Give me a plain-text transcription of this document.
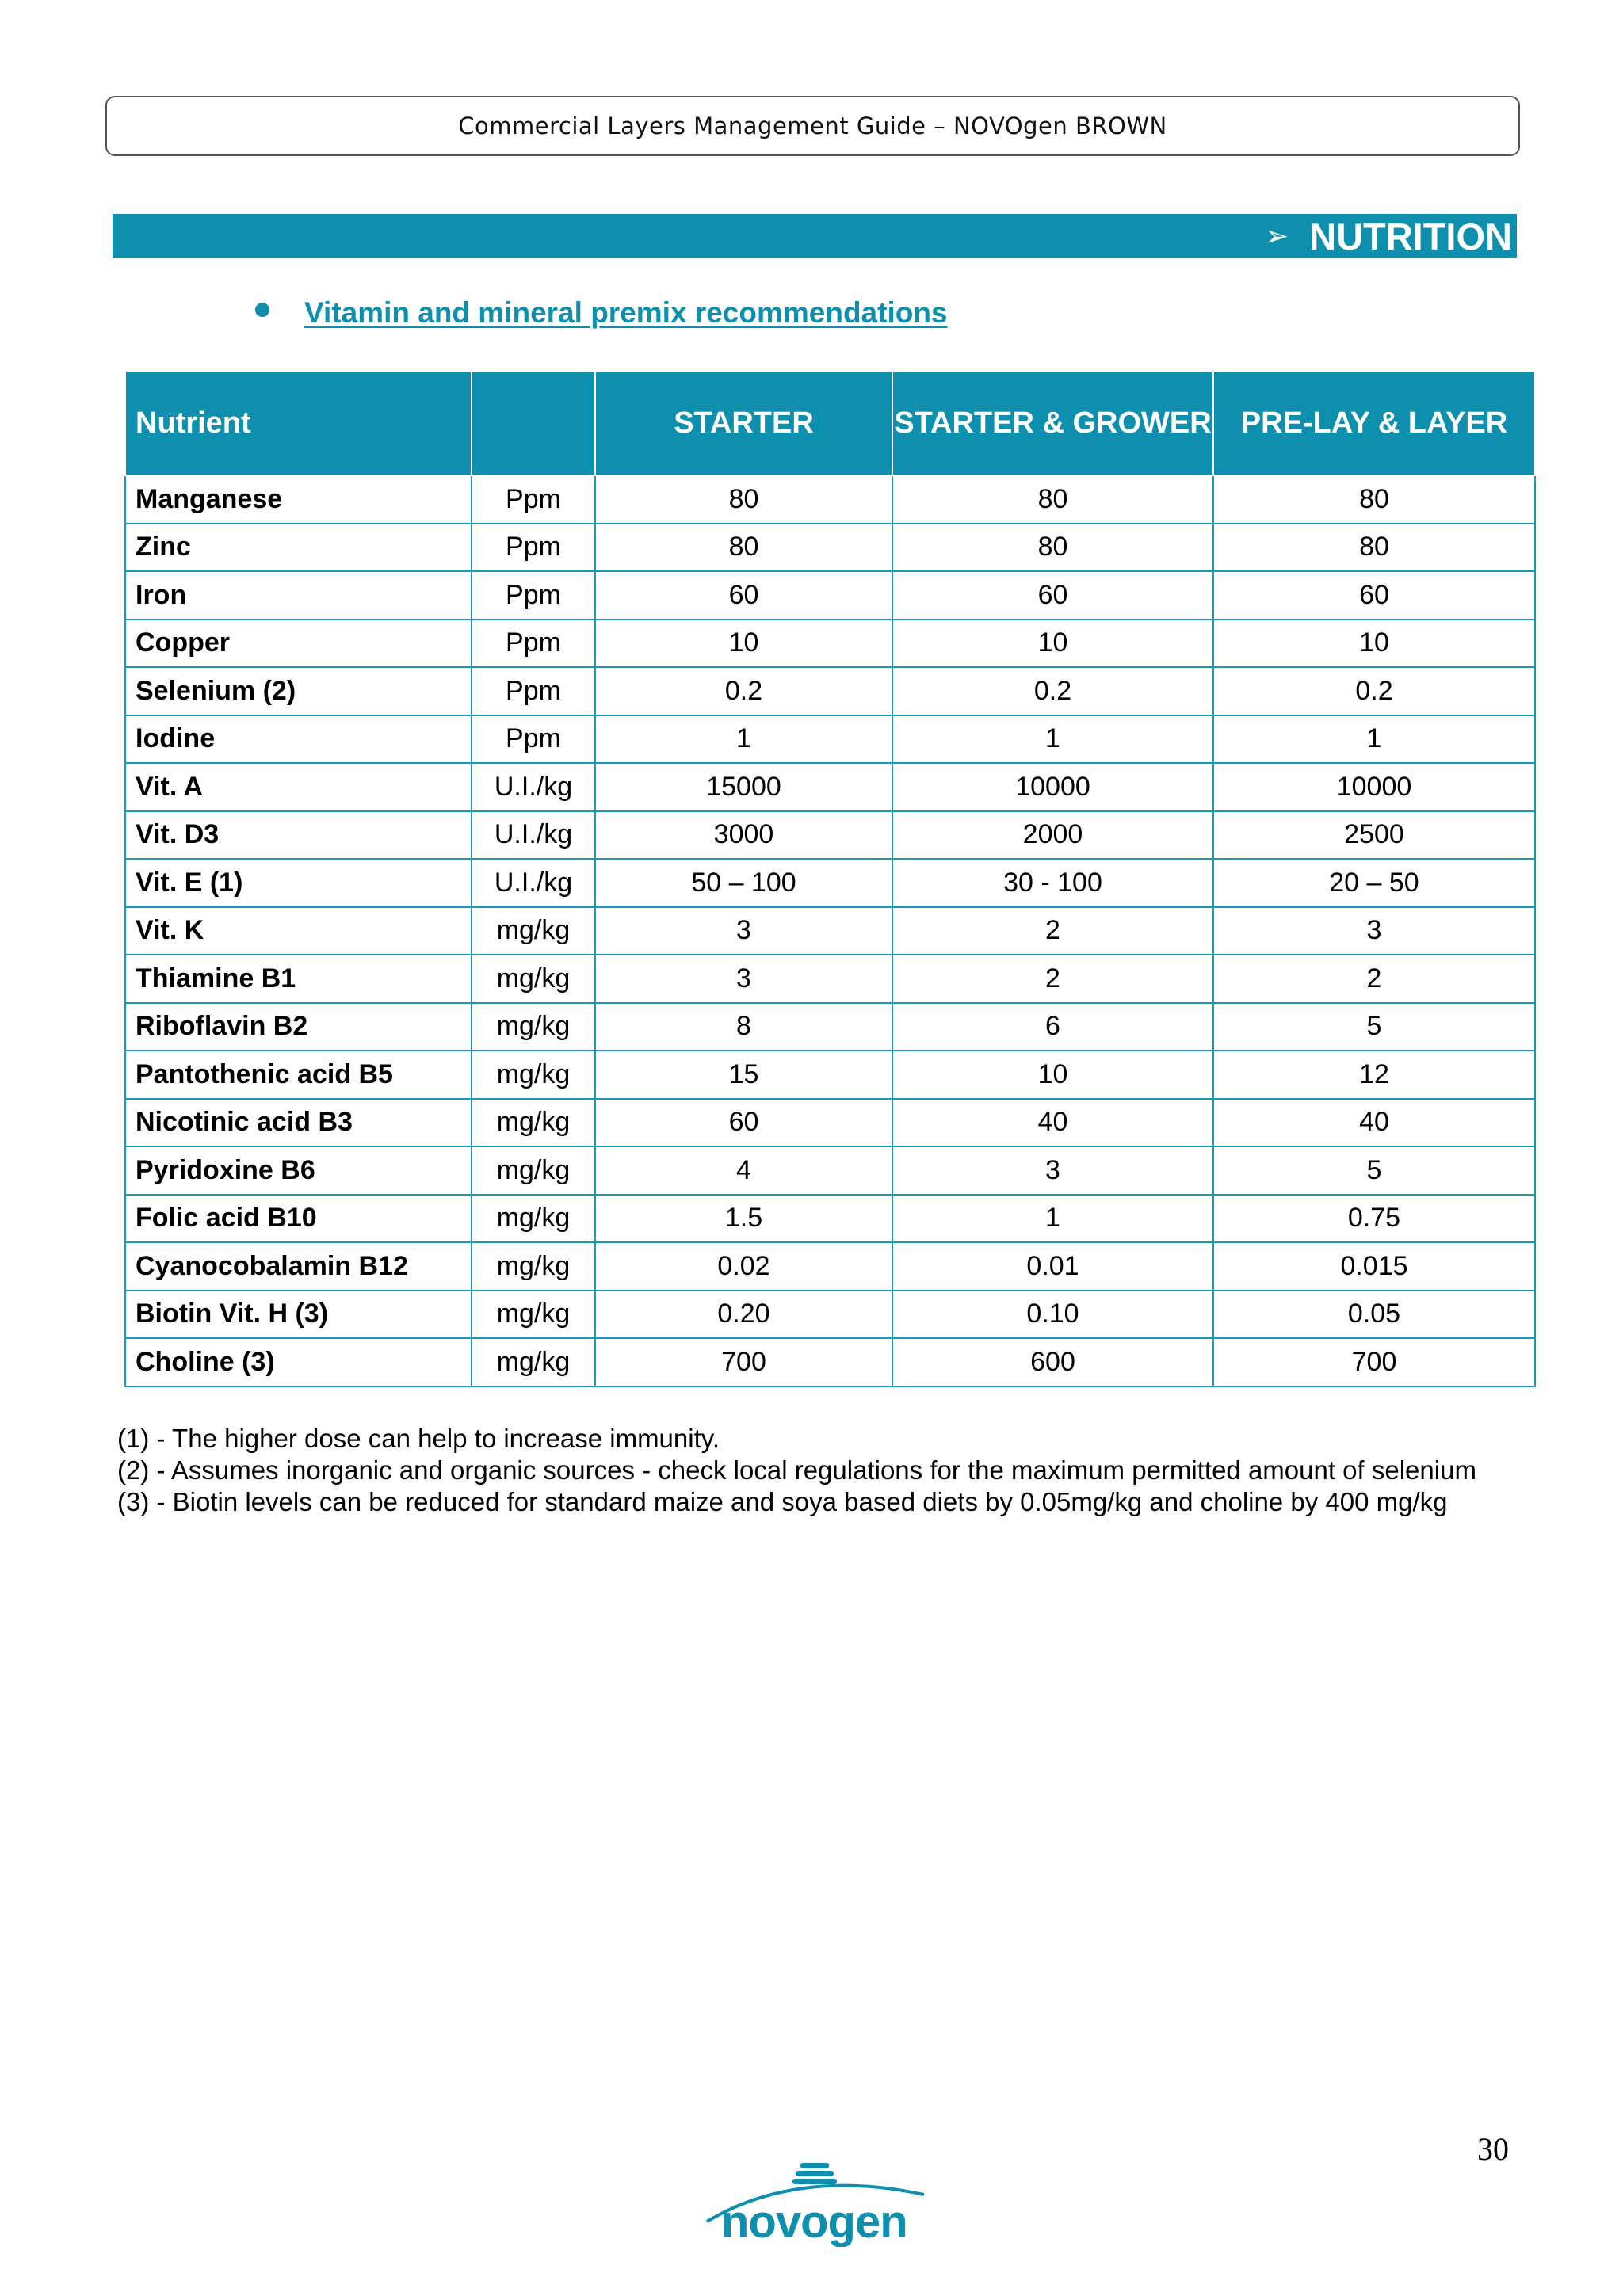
Commercial Layers Management Guide – NOVOgen BROWN
➢ NUTRITION
Vitamin and mineral premix recommendations
Nutrient		STARTER	STARTER & GROWER	PRE-LAY & LAYER
Manganese	Ppm	80	80	80
Zinc	Ppm	80	80	80
Iron	Ppm	60	60	60
Copper	Ppm	10	10	10
Selenium (2)	Ppm	0.2	0.2	0.2
Iodine	Ppm	1	1	1
Vit. A	U.I./kg	15000	10000	10000
Vit. D3	U.I./kg	3000	2000	2500
Vit. E (1)	U.I./kg	50 – 100	30 - 100	20 – 50
Vit. K	mg/kg	3	2	3
Thiamine B1	mg/kg	3	2	2
Riboflavin B2	mg/kg	8	6	5
Pantothenic acid B5	mg/kg	15	10	12
Nicotinic acid B3	mg/kg	60	40	40
Pyridoxine B6	mg/kg	4	3	5
Folic acid B10	mg/kg	1.5	1	0.75
Cyanocobalamin B12	mg/kg	0.02	0.01	0.015
Biotin Vit. H (3)	mg/kg	0.20	0.10	0.05
Choline (3)	mg/kg	700	600	700
(1) - The higher dose can help to increase immunity.
(2) - Assumes inorganic and organic sources - check local regulations for the maximum permitted amount of selenium
(3) - Biotin levels can be reduced for standard maize and soya based diets by 0.05mg/kg and choline by 400 mg/kg
30
novogen
